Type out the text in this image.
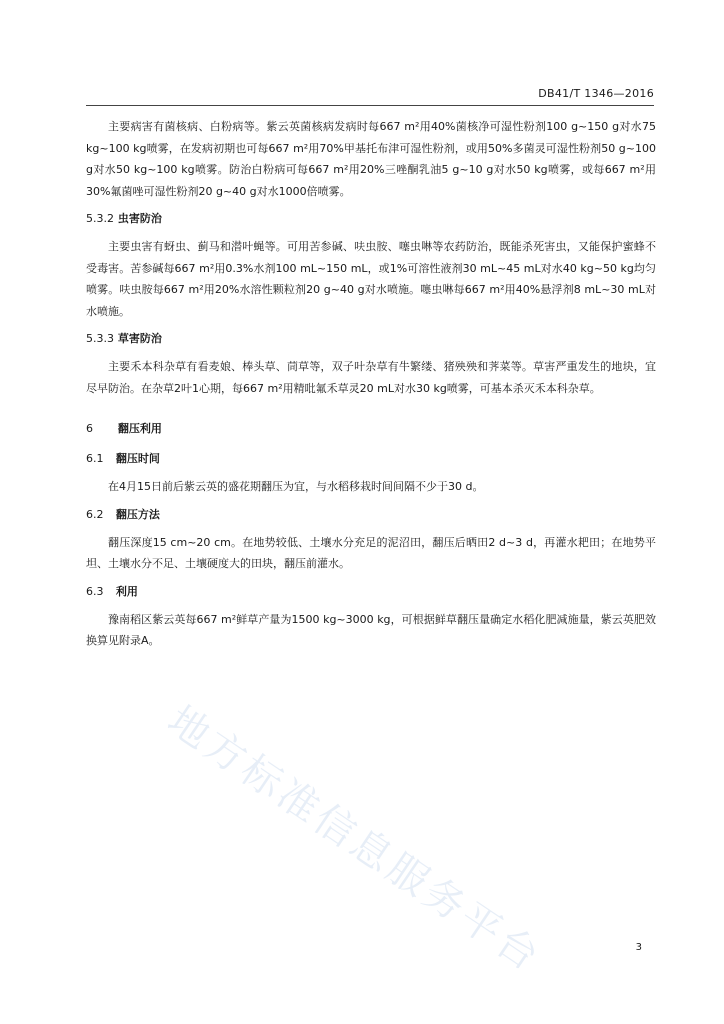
DB41/T 1346—2016

主要病害有菌核病、白粉病等。紫云英菌核病发病时每667 m²用40%菌核净可湿性粉剂100 g~150 g对水75 kg~100 kg喷雾，在发病初期也可每667 m²用70%甲基托布津可湿性粉剂，或用50%多菌灵可湿性粉剂50 g~100 g对水50 kg~100 kg喷雾。防治白粉病可每667 m²用20%三唑酮乳油5 g~10 g对水50 kg喷雾，或每667 m²用30%氟菌唑可湿性粉剂20 g~40 g对水1000倍喷雾。

5.3.2 虫害防治

主要虫害有蚜虫、蓟马和潜叶蝇等。可用苦参碱、呋虫胺、噻虫啉等农药防治，既能杀死害虫，又能保护蜜蜂不受毒害。苦参碱每667 m²用0.3%水剂100 mL~150 mL，或1%可溶性液剂30 mL~45 mL对水40 kg~50 kg均匀喷雾。呋虫胺每667 m²用20%水溶性颗粒剂20 g~40 g对水喷施。噻虫啉每667 m²用40%悬浮剂8 mL~30 mL对水喷施。

5.3.3 草害防治

主要禾本科杂草有看麦娘、棒头草、茼草等，双子叶杂草有牛繁缕、猪殃殃和荠菜等。草害严重发生的地块，宜尽早防治。在杂草2叶1心期，每667 m²用精吡氟禾草灵20 mL对水30 kg喷雾，可基本杀灭禾本科杂草。

6 翻压利用
6.1 翻压时间

在4月15日前后紫云英的盛花期翻压为宜，与水稻移栽时间间隔不少于30 d。

6.2 翻压方法

翻压深度15 cm~20 cm。在地势较低、土壤水分充足的泥沼田，翻压后晒田2 d~3 d，再灌水耙田；在地势平坦、土壤水分不足、土壤硬度大的田块，翻压前灌水。

6.3 利用

豫南稻区紫云英每667 m²鲜草产量为1500 kg~3000 kg，可根据鲜草翻压量确定水稻化肥减施量，紫云英肥效换算见附录A。

地方标准信息服务平台	3
